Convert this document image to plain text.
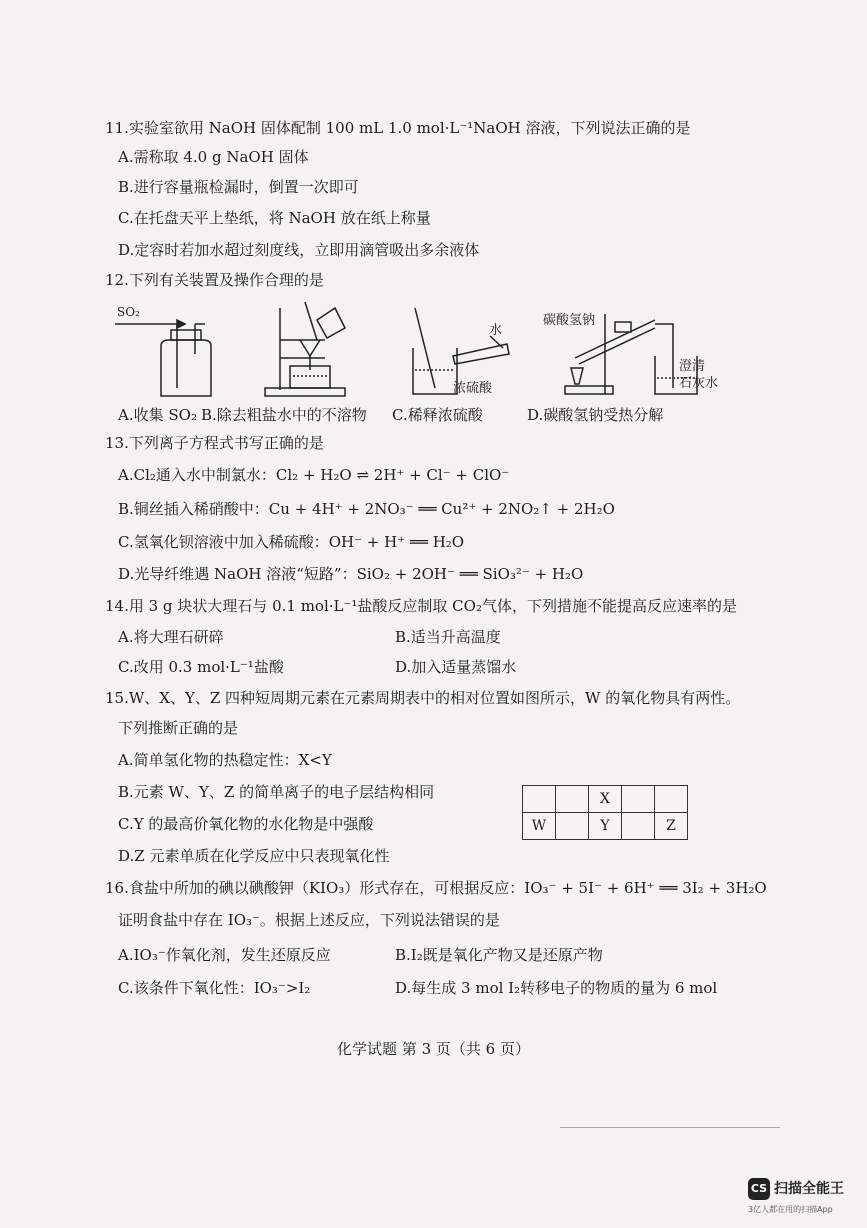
11.实验室欲用 NaOH 固体配制 100 mL 1.0 mol·L⁻¹NaOH 溶液，下列说法正确的是
A.需称取 4.0 g NaOH 固体
B.进行容量瓶检漏时，倒置一次即可
C.在托盘天平上垫纸，将 NaOH 放在纸上称量
D.定容时若加水超过刻度线，立即用滴管吸出多余液体
12.下列有关装置及操作合理的是
SO₂
水
浓硫酸
碳酸氢钠
澄清
石灰水
A.收集 SO₂ B.除去粗盐水中的不溶物 C.稀释浓硫酸	D.碳酸氢钠受热分解
13.下列离子方程式书写正确的是
A.Cl₂通入水中制氯水：Cl₂ + H₂O ⇌ 2H⁺ + Cl⁻ + ClO⁻
B.铜丝插入稀硝酸中：Cu + 4H⁺ + 2NO₃⁻ ══ Cu²⁺ + 2NO₂↑ + 2H₂O
C.氢氧化钡溶液中加入稀硫酸：OH⁻ + H⁺ ══ H₂O
D.光导纤维遇 NaOH 溶液“短路”：SiO₂ + 2OH⁻ ══ SiO₃²⁻ + H₂O
14.用 3 g 块状大理石与 0.1 mol·L⁻¹盐酸反应制取 CO₂气体，下列措施不能提高反应速率的是
A.将大理石研碎	B.适当升高温度
C.改用 0.3 mol·L⁻¹盐酸	D.加入适量蒸馏水
15.W、X、Y、Z 四种短周期元素在元素周期表中的相对位置如图所示，W 的氧化物具有两性。
下列推断正确的是
A.简单氢化物的热稳定性：X<Y
B.元素 W、Y、Z 的简单离子的电子层结构相同
C.Y 的最高价氧化物的水化物是中强酸
D.Z 元素单质在化学反应中只表现氧化性
		X		
W		Y		Z
16.食盐中所加的碘以碘酸钾（KIO₃）形式存在，可根据反应：IO₃⁻ + 5I⁻ + 6H⁺ ══ 3I₂ + 3H₂O
证明食盐中存在 IO₃⁻。根据上述反应，下列说法错误的是
A.IO₃⁻作氧化剂，发生还原反应	B.I₂既是氧化产物又是还原产物
C.该条件下氧化性：IO₃⁻>I₂	D.每生成 3 mol I₂转移电子的物质的量为 6 mol
化学试题 第 3 页（共 6 页）
CS 扫描全能王
3亿人都在用的扫描App
